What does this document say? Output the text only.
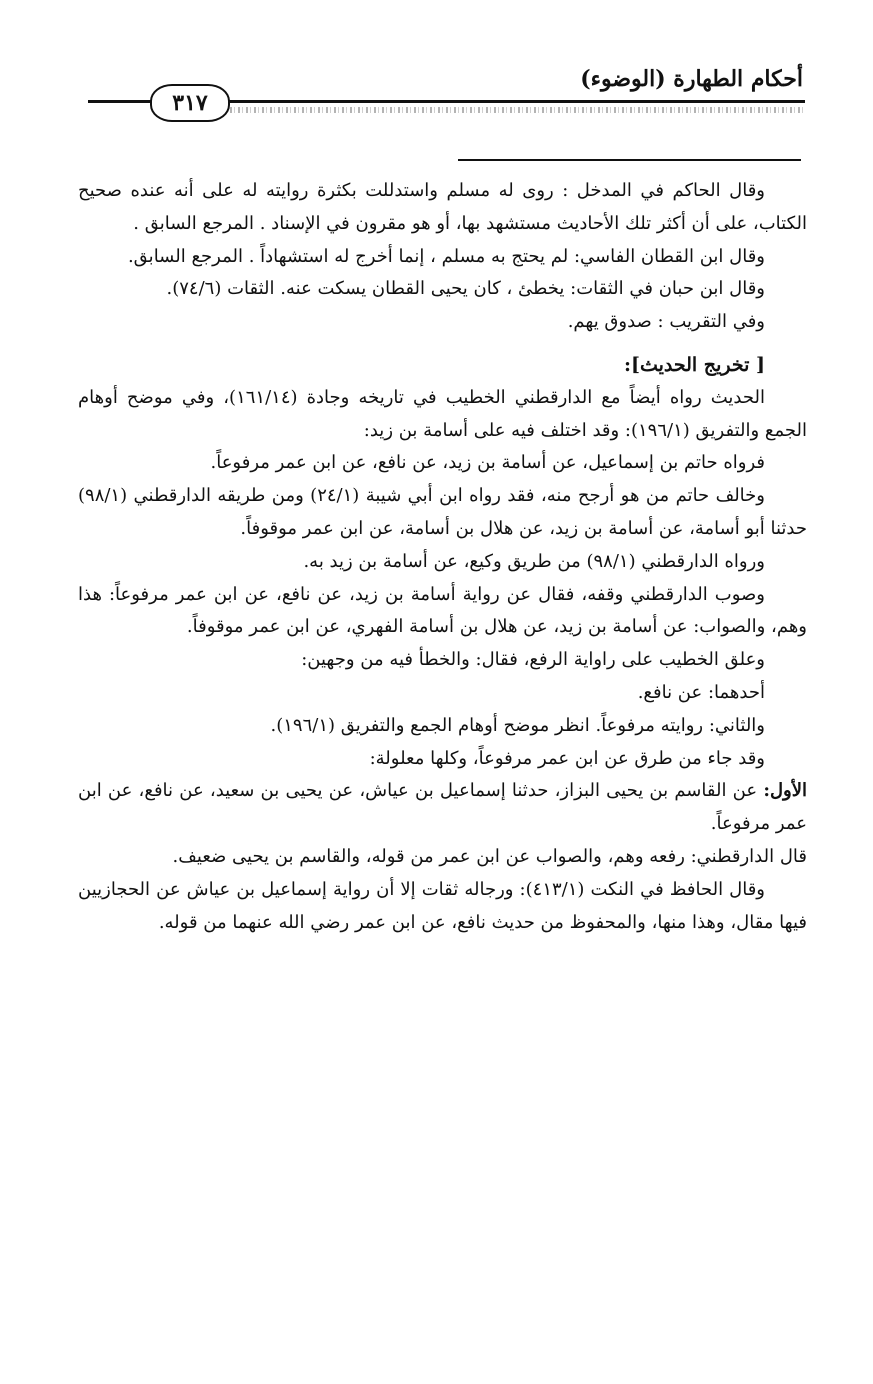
أحكام الطهارة (الوضوء)
٣١٧

وقال الحاكم في المدخل : روى له مسلم واستدللت بكثرة روايته له على أنه عنده صحيح الكتاب، على أن أكثر تلك الأحاديث مستشهد بها، أو هو مقرون في الإسناد . المرجع السابق .

وقال ابن القطان الفاسي: لم يحتج به مسلم ، إنما أخرج له استشهاداً . المرجع السابق.

وقال ابن حبان في الثقات: يخطئ ، كان يحيى القطان يسكت عنه. الثقات (٧٤/٦).

وفي التقريب : صدوق يهم.

[ تخريج الحديث]:

الحديث رواه أيضاً مع الدارقطني الخطيب في تاريخه وجادة (١٦١/١٤)، وفي موضح أوهام الجمع والتفريق (١٩٦/١): وقد اختلف فيه على أسامة بن زيد:

فرواه حاتم بن إسماعيل، عن أسامة بن زيد، عن نافع، عن ابن عمر مرفوعاً.

وخالف حاتم من هو أرجح منه، فقد رواه ابن أبي شيبة (٢٤/١) ومن طريقه الدارقطني (٩٨/١) حدثنا أبو أسامة، عن أسامة بن زيد، عن هلال بن أسامة، عن ابن عمر موقوفاً.

ورواه الدارقطني (٩٨/١) من طريق وكيع، عن أسامة بن زيد به.

وصوب الدارقطني وقفه، فقال عن رواية أسامة بن زيد، عن نافع، عن ابن عمر مرفوعاً: هذا وهم، والصواب: عن أسامة بن زيد، عن هلال بن أسامة الفهري، عن ابن عمر موقوفاً.

وعلق الخطيب على راواية الرفع، فقال: والخطأ فيه من وجهين:

أحدهما: عن نافع.

والثاني: روايته مرفوعاً. انظر موضح أوهام الجمع والتفريق (١٩٦/١).

وقد جاء من طرق عن ابن عمر مرفوعاً، وكلها معلولة:

الأول: عن القاسم بن يحيى البزاز، حدثنا إسماعيل بن عياش، عن يحيى بن سعيد، عن نافع، عن ابن عمر مرفوعاً.

قال الدارقطني: رفعه وهم، والصواب عن ابن عمر من قوله، والقاسم بن يحيى ضعيف.

وقال الحافظ في النكت (٤١٣/١): ورجاله ثقات إلا أن رواية إسماعيل بن عياش عن الحجازيين فيها مقال، وهذا منها، والمحفوظ من حديث نافع، عن ابن عمر رضي الله عنهما من قوله.
